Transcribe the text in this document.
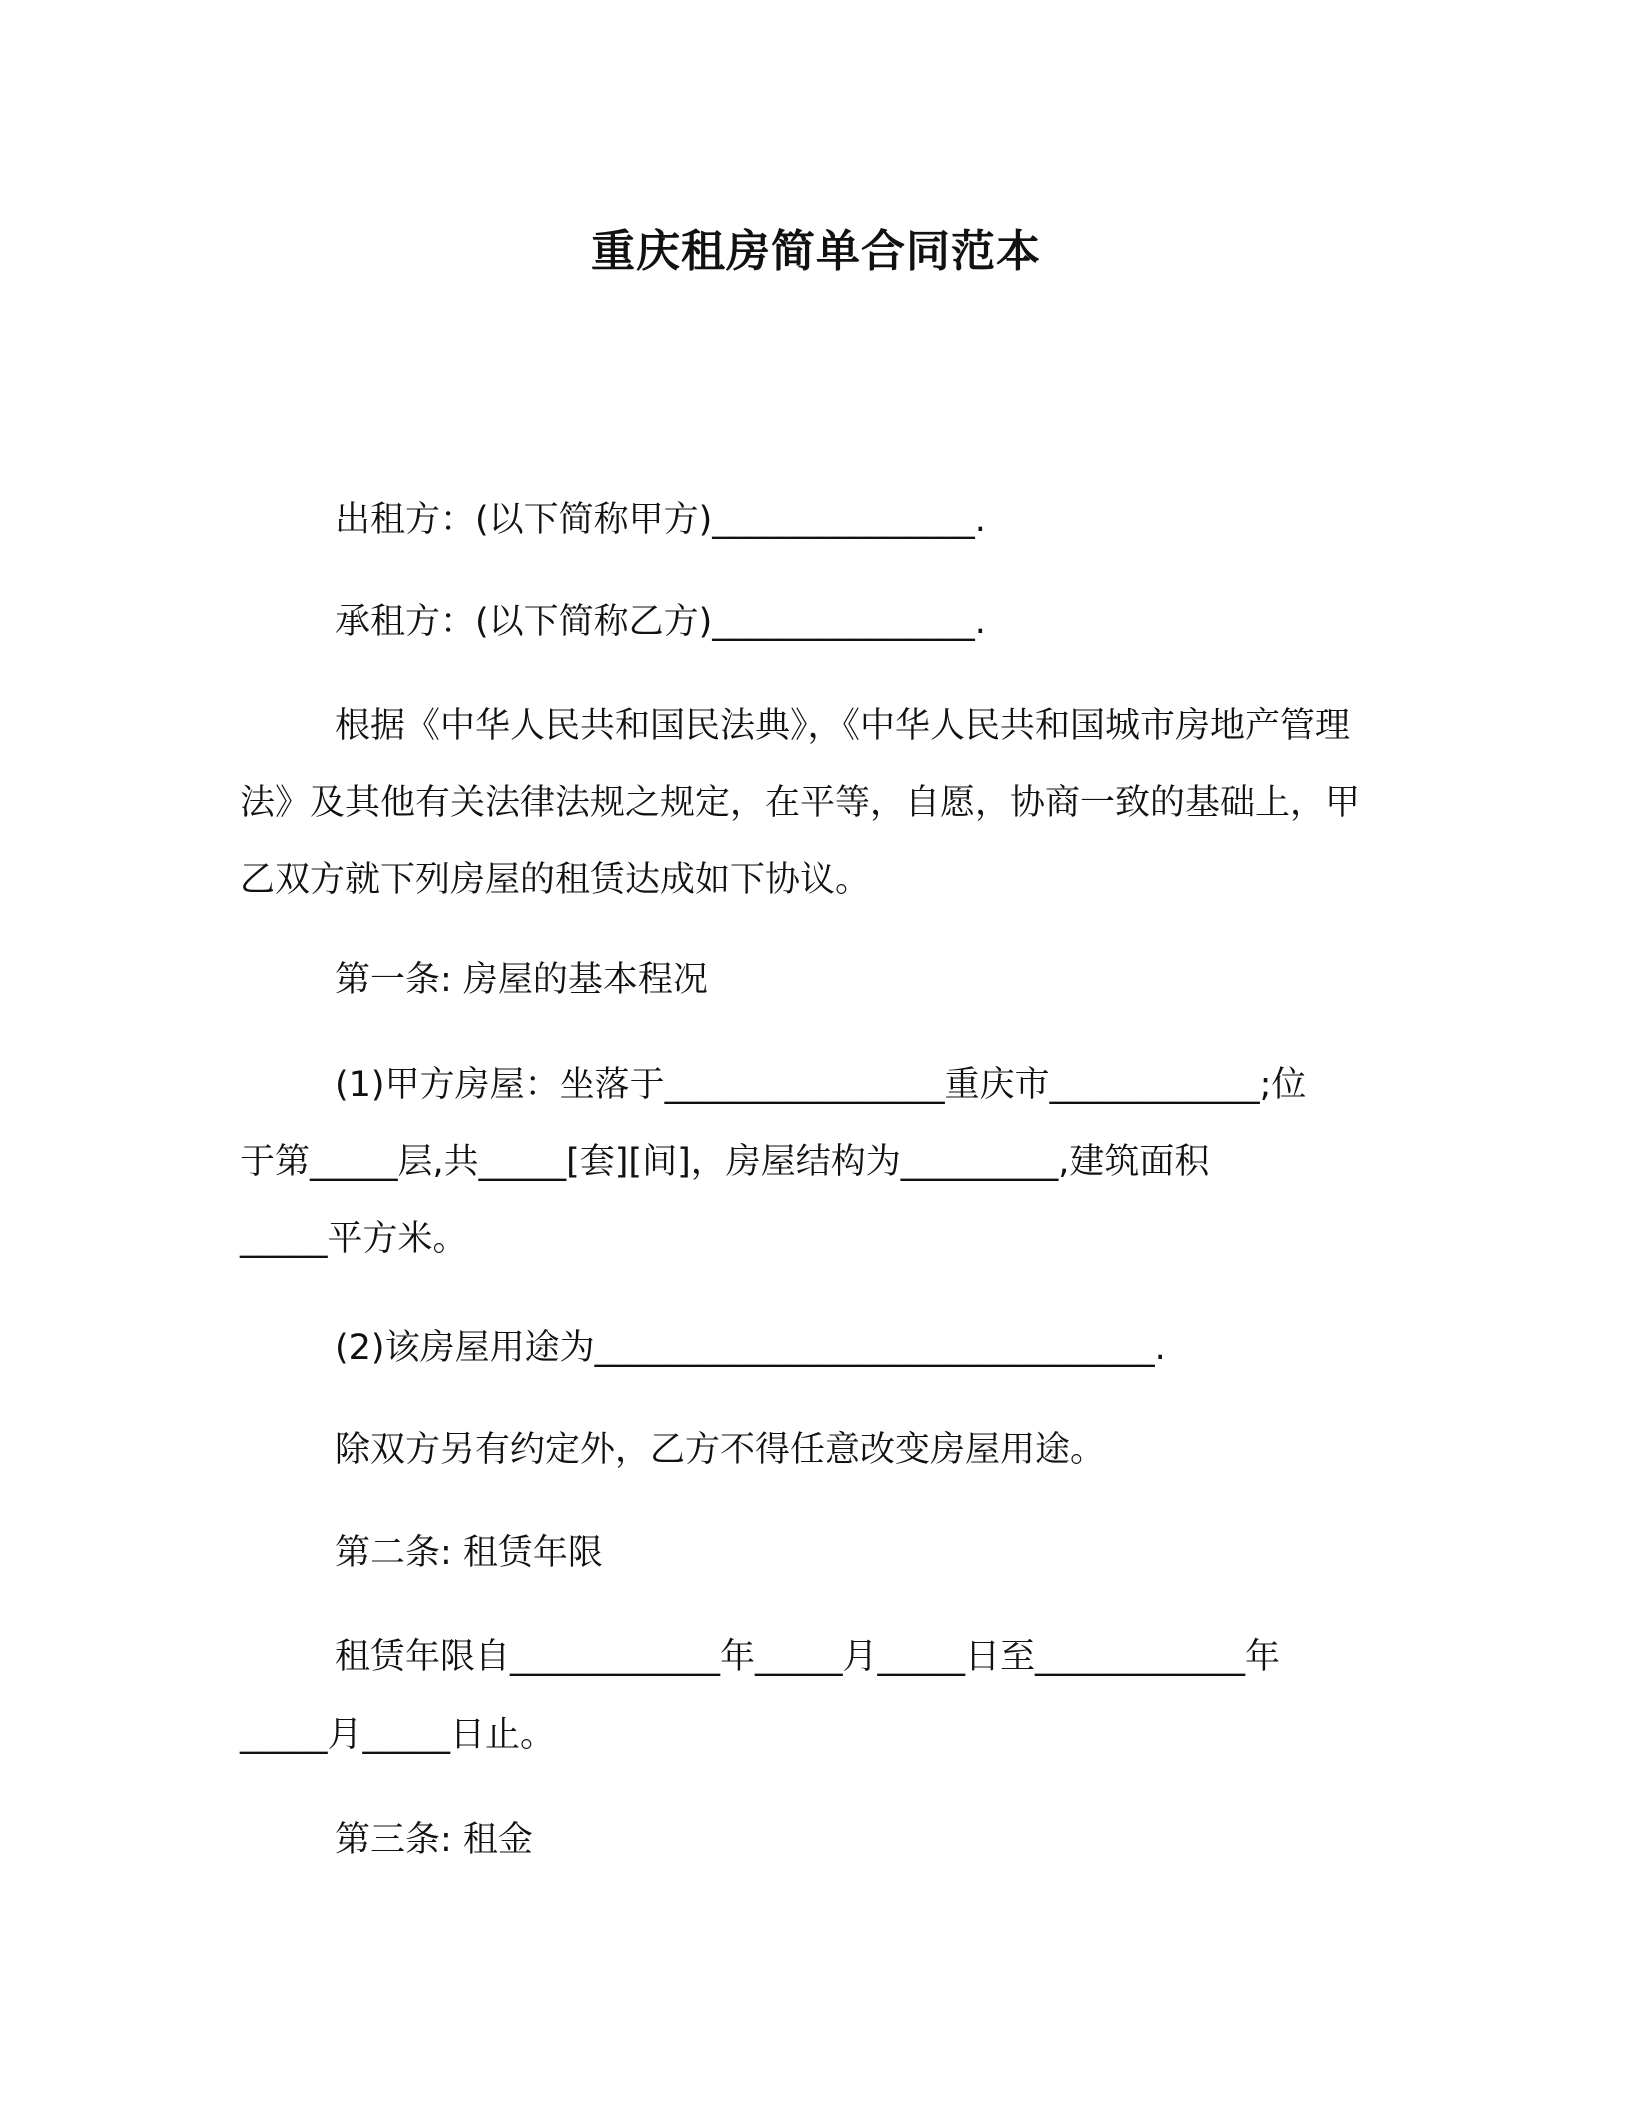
重庆租房简单合同范本

出租方：(以下简称甲方)_______________.

承租方：(以下简称乙方)_______________.

根据《中华人民共和国民法典》，《中华人民共和国城市房地产管理法》及其他有关法律法规之规定，在平等，自愿，协商一致的基础上，甲乙双方就下列房屋的租赁达成如下协议。

第一条: 房屋的基本程况

(1)甲方房屋：坐落于________________重庆市____________;位

于第_____层,共_____[套][间]，房屋结构为_________,建筑面积

_____平方米。

(2)该房屋用途为________________________________.

除双方另有约定外，乙方不得任意改变房屋用途。

第二条: 租赁年限

租赁年限自____________年_____月_____日至____________年

_____月_____日止。

第三条: 租金
